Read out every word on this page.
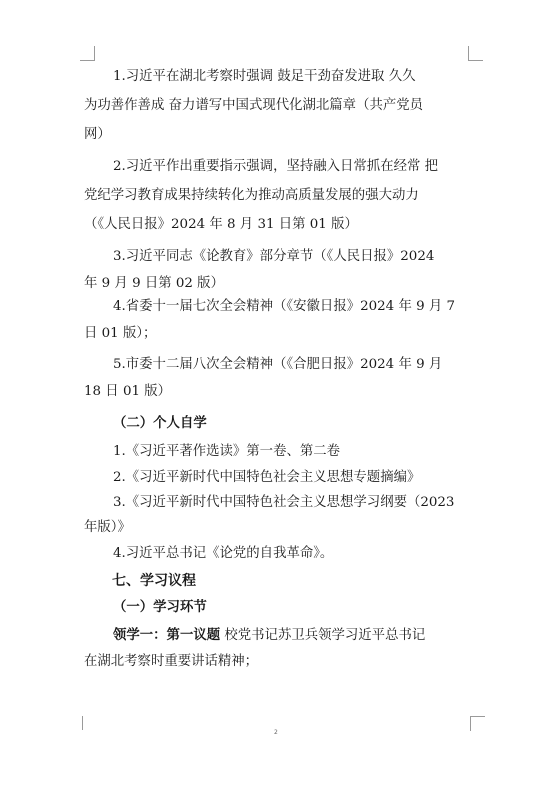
1.习近平在湖北考察时强调 鼓足干劲奋发进取 久久
为功善作善成 奋力谱写中国式现代化湖北篇章（共产党员
网）
2.习近平作出重要指示强调，坚持融入日常抓在经常 把
党纪学习教育成果持续转化为推动高质量发展的强大动力
（《人民日报》2024 年 8 月 31 日第 01 版）
3.习近平同志《论教育》部分章节（《人民日报》2024
年 9 月 9 日第 02 版）
4.省委十一届七次全会精神（《安徽日报》2024 年 9 月 7
日 01 版）；
5.市委十二届八次全会精神（《合肥日报》2024 年 9 月
18 日 01 版）
（二）个人自学
1.《习近平著作选读》第一卷、第二卷
2.《习近平新时代中国特色社会主义思想专题摘编》
3.《习近平新时代中国特色社会主义思想学习纲要（2023
年版）》
4.习近平总书记《论党的自我革命》。
七、学习议程
（一）学习环节
领学一：第一议题 校党书记苏卫兵领学习近平总书记
在湖北考察时重要讲话精神；
2
